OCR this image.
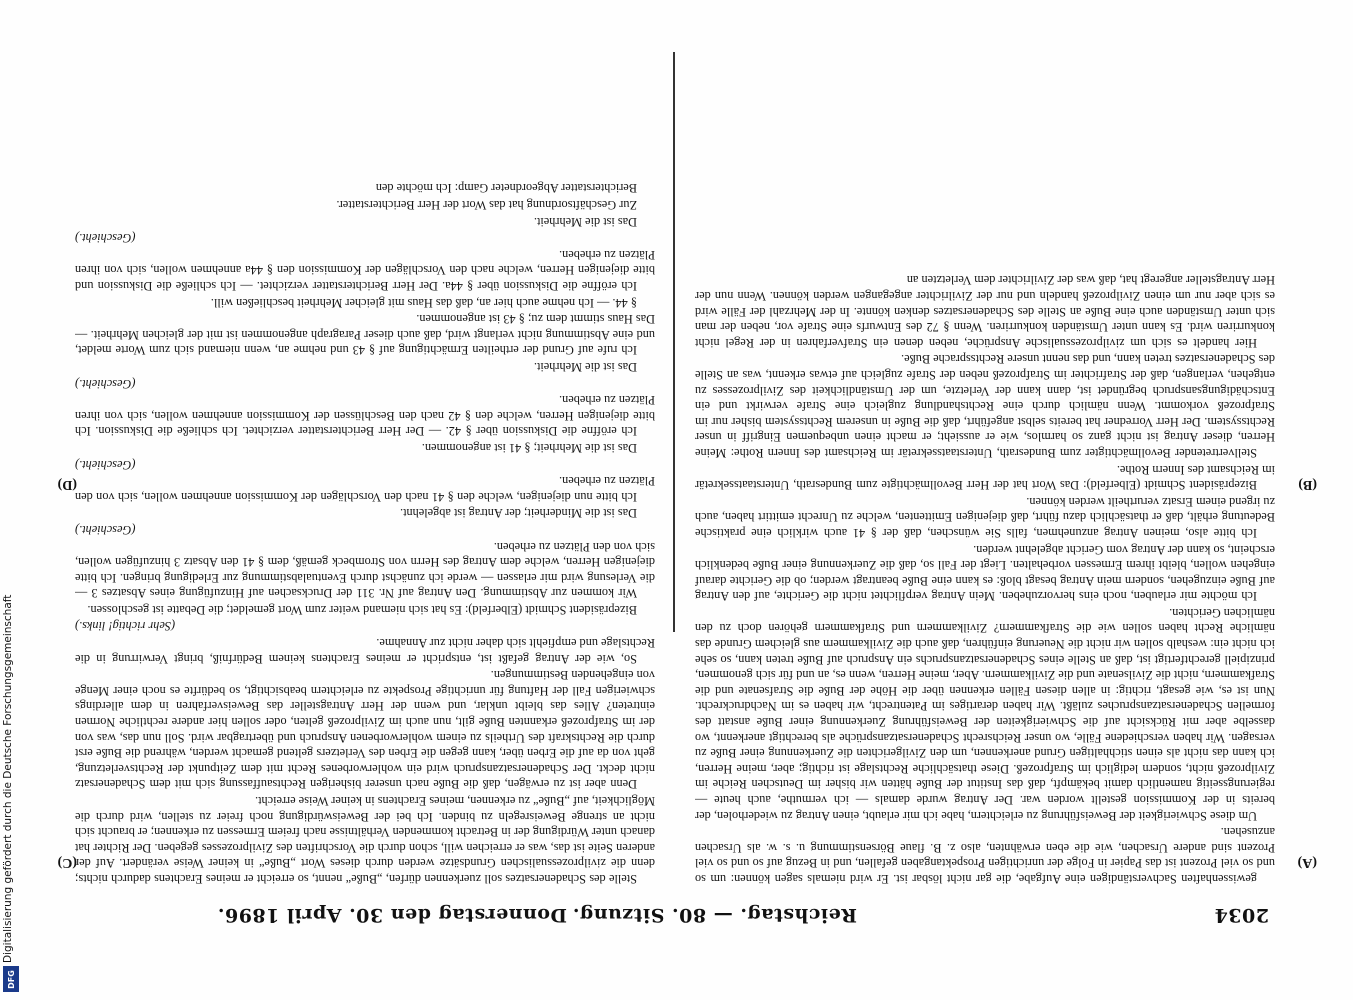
2034
Reichstag. — 80. Sitzung.
Donnerstag den 30. April 1896.
(A)
(B)
(C)
(D)

gewissenhaften Sachverständigen eine Aufgabe, die gar nicht lösbar ist. Er wird niemals sagen können: um so und so viel Prozent ist das Papier in Folge der unrichtigen Prospektangaben gefallen, und in Bezug auf so und so viel Prozent sind andere Ursachen, wie die eben erwähnten, also z. B. flaue Börsenstimmung u. s. w. als Ursachen anzusehen.

Um diese Schwierigkeit der Beweisführung zu erleichtern, habe ich mir erlaubt, einen Antrag zu wiederholen, der bereits in der Kommission gestellt worden war. Der Antrag wurde damals — ich vermuthe, auch heute — regierungsseitig namentlich damit bekämpft, daß das Institut der Buße hätten wir bisher im Deutschen Reiche im Zivilprozeß nicht, sondern lediglich im Strafprozeß. Diese thatsächliche Rechtslage ist richtig; aber, meine Herren, ich kann das nicht als einen stichhaltigen Grund anerkennen, um den Zivilgerichten die Zuerkennung einer Buße zu versagen. Wir haben verschiedene Fälle, wo unser Reichsrecht Schadenersatzansprüche als berechtigt anerkennt, wo dasselbe aber mit Rücksicht auf die Schwierigkeiten der Beweisführung Zuerkennung einer Buße anstatt des formellen Schadenersatzanspruches zuläßt. Wir haben derartiges im Patentrecht, wir haben es im Nachdruckrecht. Nun ist es, wie gesagt, richtig: in allen diesen Fällen erkennen über die Höhe der Buße die Strafsenate und die Strafkammern, nicht die Zivilsenate und die Zivilkammern. Aber, meine Herren, wenn es, an und für sich genommen, prinzipiell gerechtfertigt ist, daß an Stelle eines Schadenersatzanspruchs ein Anspruch auf Buße treten kann, so sehe ich nicht ein: weshalb sollen wir nicht die Neuerung einführen, daß auch die Zivilkammern aus gleichem Grunde das nämliche Recht haben sollen wie die Strafkammern? Zivilkammern und Strafkammern gehören doch zu den nämlichen Gerichten.

Ich möchte mir erlauben, noch eins hervorzuheben. Mein Antrag verpflichtet nicht die Gerichte, auf den Antrag auf Buße einzugehen, sondern mein Antrag besagt bloß: es kann eine Buße beantragt werden; ob die Gerichte darauf eingehen wollen, bleibt ihrem Ermessen vorbehalten. Liegt der Fall so, daß die Zuerkennung einer Buße bedenklich erscheint, so kann der Antrag vom Gericht abgelehnt werden.

Ich bitte also, meinen Antrag anzunehmen, falls Sie wünschen, daß der § 41 auch wirklich eine praktische Bedeutung erhält, daß er thatsächlich dazu führt, daß diejenigen Emittenten, welche zu Unrecht emittirt haben, auch zu irgend einem Ersatz verurtheilt werden können.

Bizepräsident Schmidt (Elberfeld): Das Wort hat der Herr Bevollmächtigte zum Bundesrath, Unterstaatssekretär im Reichsamt des Innern Rothe.

Stellvertretender Bevollmächtigter zum Bundesrath, Unterstaatssekretär im Reichsamt des Innern Rothe: Meine Herren, dieser Antrag ist nicht ganz so harmlos, wie er aussieht; er macht einen unbequemen Eingriff in unser Rechtssystem. Der Herr Vorredner hat bereits selbst angeführt, daß die Buße in unserem Rechtssystem bisher nur im Strafprozeß vorkommt. Wenn nämlich durch eine Rechtshandlung zugleich eine Strafe verwirkt und ein Entschädigungsanspruch begründet ist, dann kann der Verletzte, um der Umständlichkeit des Zivilprozesses zu entgehen, verlangen, daß der Strafrichter im Strafprozeß neben der Strafe zugleich auf etwas erkennt, was an Stelle des Schadenersatzes treten kann, und das nennt unsere Rechtssprache Buße.

Hier handelt es sich um zivilprozessualische Ansprüche, neben denen ein Strafverfahren in der Regel nicht konkurriren wird. Es kann unter Umständen konkurriren. Wenn § 72 des Entwurfs eine Strafe vor, neben der man sich unter Umständen auch eine Buße an Stelle des Schadenersatzes denken könnte. In der Mehrzahl der Fälle wird es sich aber nur um einen Zivilprozeß handeln und nur der Zivilrichter angegangen werden können. Wenn nun der Herr Antragsteller angeregt hat, daß was der Zivilrichter dem Verletzten an

Stelle des Schadenersatzes soll zuerkennen dürfen, „Buße“ nennt, so erreicht er meines Erachtens dadurch nichts; denn die zivilprozessualischen Grundsätze werden durch dieses Wort „Buße“ in keiner Weise verändert. Auf der anderen Seite ist das, was er erreichen will, schon durch die Vorschriften des Zivilprozesses gegeben. Der Richter hat danach unter Würdigung der in Betracht kommenden Verhältnisse nach freiem Ermessen zu erkennen; er braucht sich nicht an strenge Beweisregeln zu binden. Ich bei der Beweiswürdigung noch freier zu stellen, wird durch die Möglichkeit, auf „Buße“ zu erkennen, meines Erachtens in keiner Weise erreicht.

Denn aber ist zu erwägen, daß die Buße nach unserer bisherigen Rechtsauffassung sich mit dem Schadenersatz nicht deckt. Der Schadenersatzanspruch wird ein wohlerworbenes Recht mit dem Zeitpunkt der Rechtsverletzung, geht von da auf die Erben über, kann gegen die Erben des Verletzers geltend gemacht werden, während die Buße erst durch die Rechtskraft des Urtheils zu einem wohlerworbenen Anspruch und übertragbar wird. Soll nun das, was von der im Strafprozeß erkannten Buße gilt, nun auch im Zivilprozeß gelten, oder sollen hier andere rechtliche Normen eintreten? Alles das bleibt unklar, und wenn der Herr Antragsteller das Beweisverfahren in dem allerdings schwierigen Fall der Haftung für unrichtige Prospekte zu erleichtern beabsichtigt, so bedürfte es noch einer Menge von eingehenden Bestimmungen.

So, wie der Antrag gefaßt ist, entspricht er meines Erachtens keinem Bedürfniß, bringt Verwirrung in die Rechtslage und empfiehlt sich daher nicht zur Annahme.

(Sehr richtig! links.)

Bizepräsident Schmidt (Elberfeld): Es hat sich niemand weiter zum Wort gemeldet; die Debatte ist geschlossen.

Wir kommen zur Abstimmung. Den Antrag auf Nr. 311 der Drucksachen auf Hinzufügung eines Absatzes 3 — die Verlesung wird mir erlassen — werde ich zunächst durch Eventualabstimmung zur Erledigung bringen. Ich bitte diejenigen Herren, welche dem Antrag des Herrn von Strombeck gemäß, dem § 41 den Absatz 3 hinzufügen wollen, sich von den Plätzen zu erheben.

(Geschieht.)

Das ist die Minderheit; der Antrag ist abgelehnt.

Ich bitte nun diejenigen, welche den § 41 nach den Vorschlägen der Kommission annehmen wollen, sich von den Plätzen zu erheben.

(Geschieht.)

Das ist die Mehrheit; § 41 ist angenommen.

Ich eröffne die Diskussion über § 42. — Der Herr Berichterstatter verzichtet. Ich schließe die Diskussion. Ich bitte diejenigen Herren, welche den § 42 nach den Beschlüssen der Kommission annehmen wollen, sich von ihren Plätzen zu erheben.

(Geschieht.)

Das ist die Mehrheit.

Ich rufe auf Grund der ertheilten Ermächtigung auf § 43 und nehme an, wenn niemand sich zum Worte meldet, und eine Abstimmung nicht verlangt wird, daß auch dieser Paragraph angenommen ist mit der gleichen Mehrheit. — Das Haus stimmt dem zu; § 43 ist angenommen.

§ 44. — Ich nehme auch hier an, daß das Haus mit gleicher Mehrheit beschließen will.

Ich eröffne die Diskussion über § 44a. Der Herr Berichterstatter verzichtet. — Ich schließe die Diskussion und bitte diejenigen Herren, welche nach den Vorschlägen der Kommission den § 44a annehmen wollen, sich von ihren Plätzen zu erheben.

(Geschieht.)

Das ist die Mehrheit.

Zur Geschäftsordnung hat das Wort der Herr Berichterstatter.

Berichterstatter Abgeordneter Gamp: Ich möchte den

Digitalisierung gefördert durch die Deutsche Forschungsgemeinschaft
DFG
